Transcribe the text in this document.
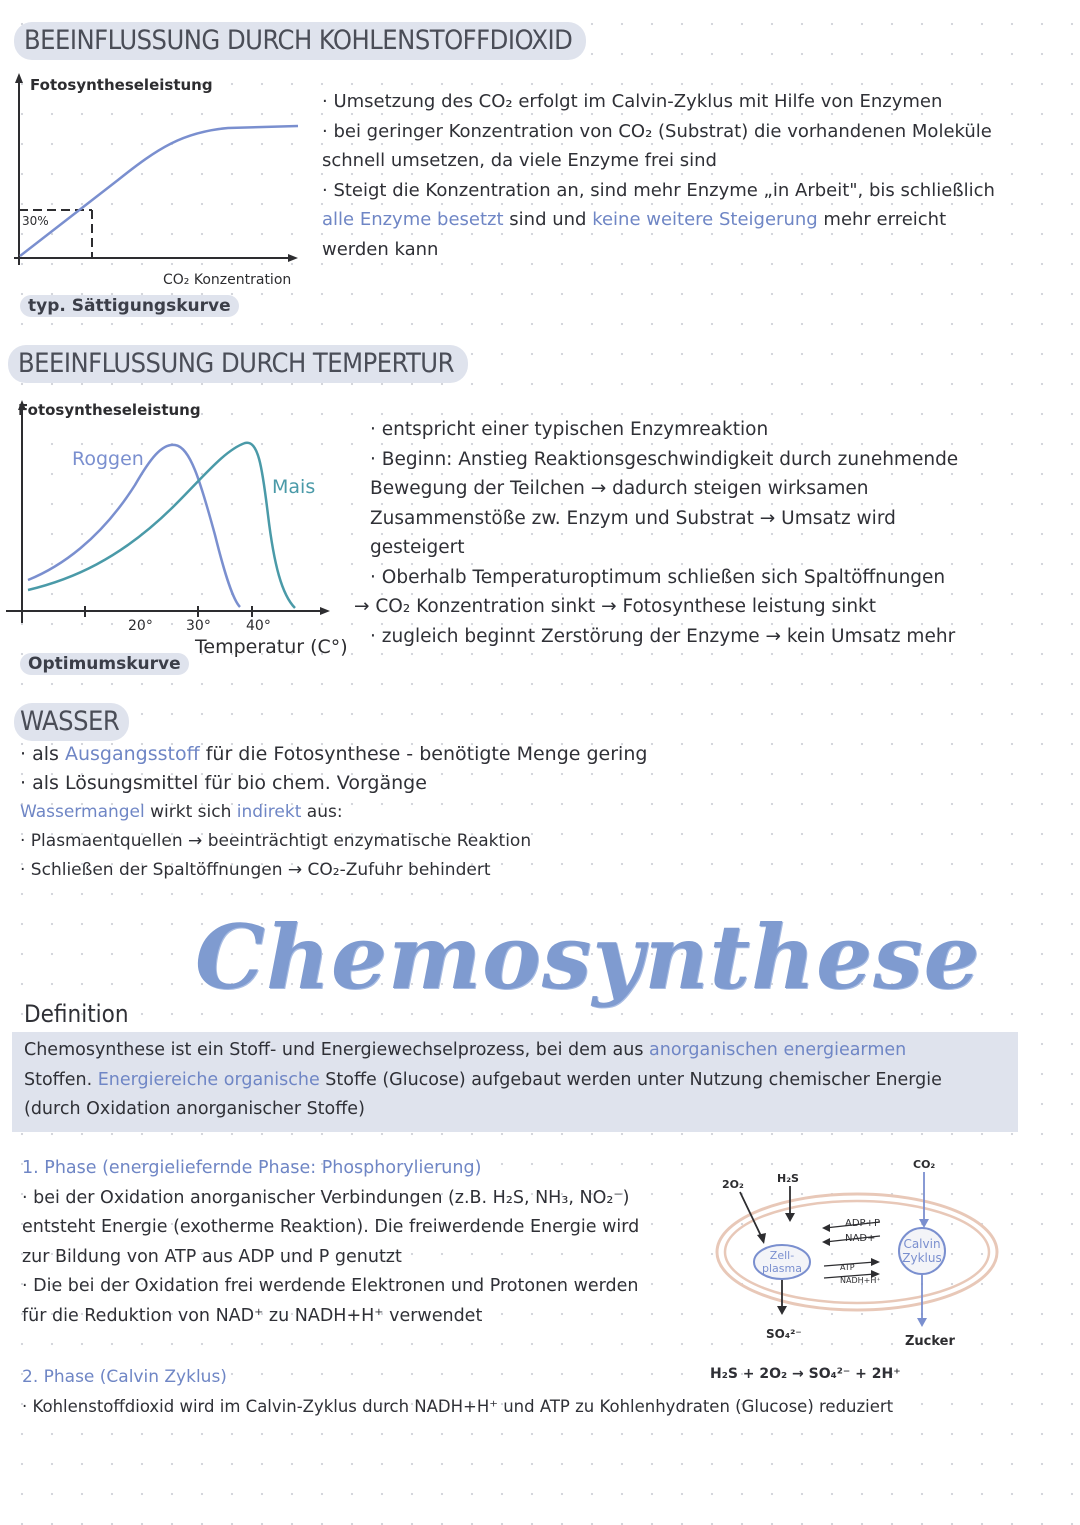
BEEINFLUSSUNG DURCH KOHLENSTOFFDIOXID
Fotosyntheseleistung
30%
CO₂ Konzentration
typ. Sättigungskurve
· Umsetzung des CO₂ erfolgt im Calvin-Zyklus mit Hilfe von Enzymen
· bei geringer Konzentration von CO₂ (Substrat) die vorhandenen Moleküle
schnell umsetzen, da viele Enzyme frei sind
· Steigt die Konzentration an, sind mehr Enzyme „in Arbeit", bis schließlich
alle Enzyme besetzt sind und keine weitere Steigerung mehr erreicht
werden kann
BEEINFLUSSUNG DURCH TEMPERTUR
Fotosyntheseleistung
Roggen
Mais
20° 30°	40°
Temperatur (C°)
Optimumskurve
· entspricht einer typischen Enzymreaktion
· Beginn: Anstieg Reaktionsgeschwindigkeit durch zunehmende
Bewegung der Teilchen → dadurch steigen wirksamen
Zusammenstöße zw. Enzym und Substrat → Umsatz wird
gesteigert
· Oberhalb Temperaturoptimum schließen sich Spaltöffnungen
→ CO₂ Konzentration sinkt → Fotosynthese leistung sinkt
· zugleich beginnt Zerstörung der Enzyme → kein Umsatz mehr
WASSER
· als Ausgangsstoff für die Fotosynthese - benötigte Menge gering
· als Lösungsmittel für bio chem. Vorgänge
Wassermangel wirkt sich indirekt aus:
· Plasmaentquellen → beeinträchtigt enzymatische Reaktion
· Schließen der Spaltöffnungen → CO₂-Zufuhr behindert
Chemosynthese
Definition
Chemosynthese ist ein Stoff- und Energiewechselprozess, bei dem aus anorganischen energiearmen
Stoffen. Energiereiche organische Stoffe (Glucose) aufgebaut werden unter Nutzung chemischer Energie
(durch Oxidation anorganischer Stoffe)
1. Phase (energieliefernde Phase: Phosphorylierung)
· bei der Oxidation anorganischer Verbindungen (z.B. H₂S, NH₃, NO₂⁻)
entsteht Energie (exotherme Reaktion). Die freiwerdende Energie wird
zur Bildung von ATP aus ADP und P genutzt
· Die bei der Oxidation frei werdende Elektronen und Protonen werden
für die Reduktion von NAD⁺ zu NADH+H⁺ verwendet
Zell-
plasma
Calvin
Zyklus
2O₂	H₂S
CO₂
ADP+P
NAD+
ATP
NADH+H⁺
SO₄²⁻	Zucker
H₂S + 2O₂ → SO₄²⁻ + 2H⁺
2. Phase (Calvin Zyklus)
· Kohlenstoffdioxid wird im Calvin-Zyklus durch NADH+H⁺ und ATP zu Kohlenhydraten (Glucose) reduziert
